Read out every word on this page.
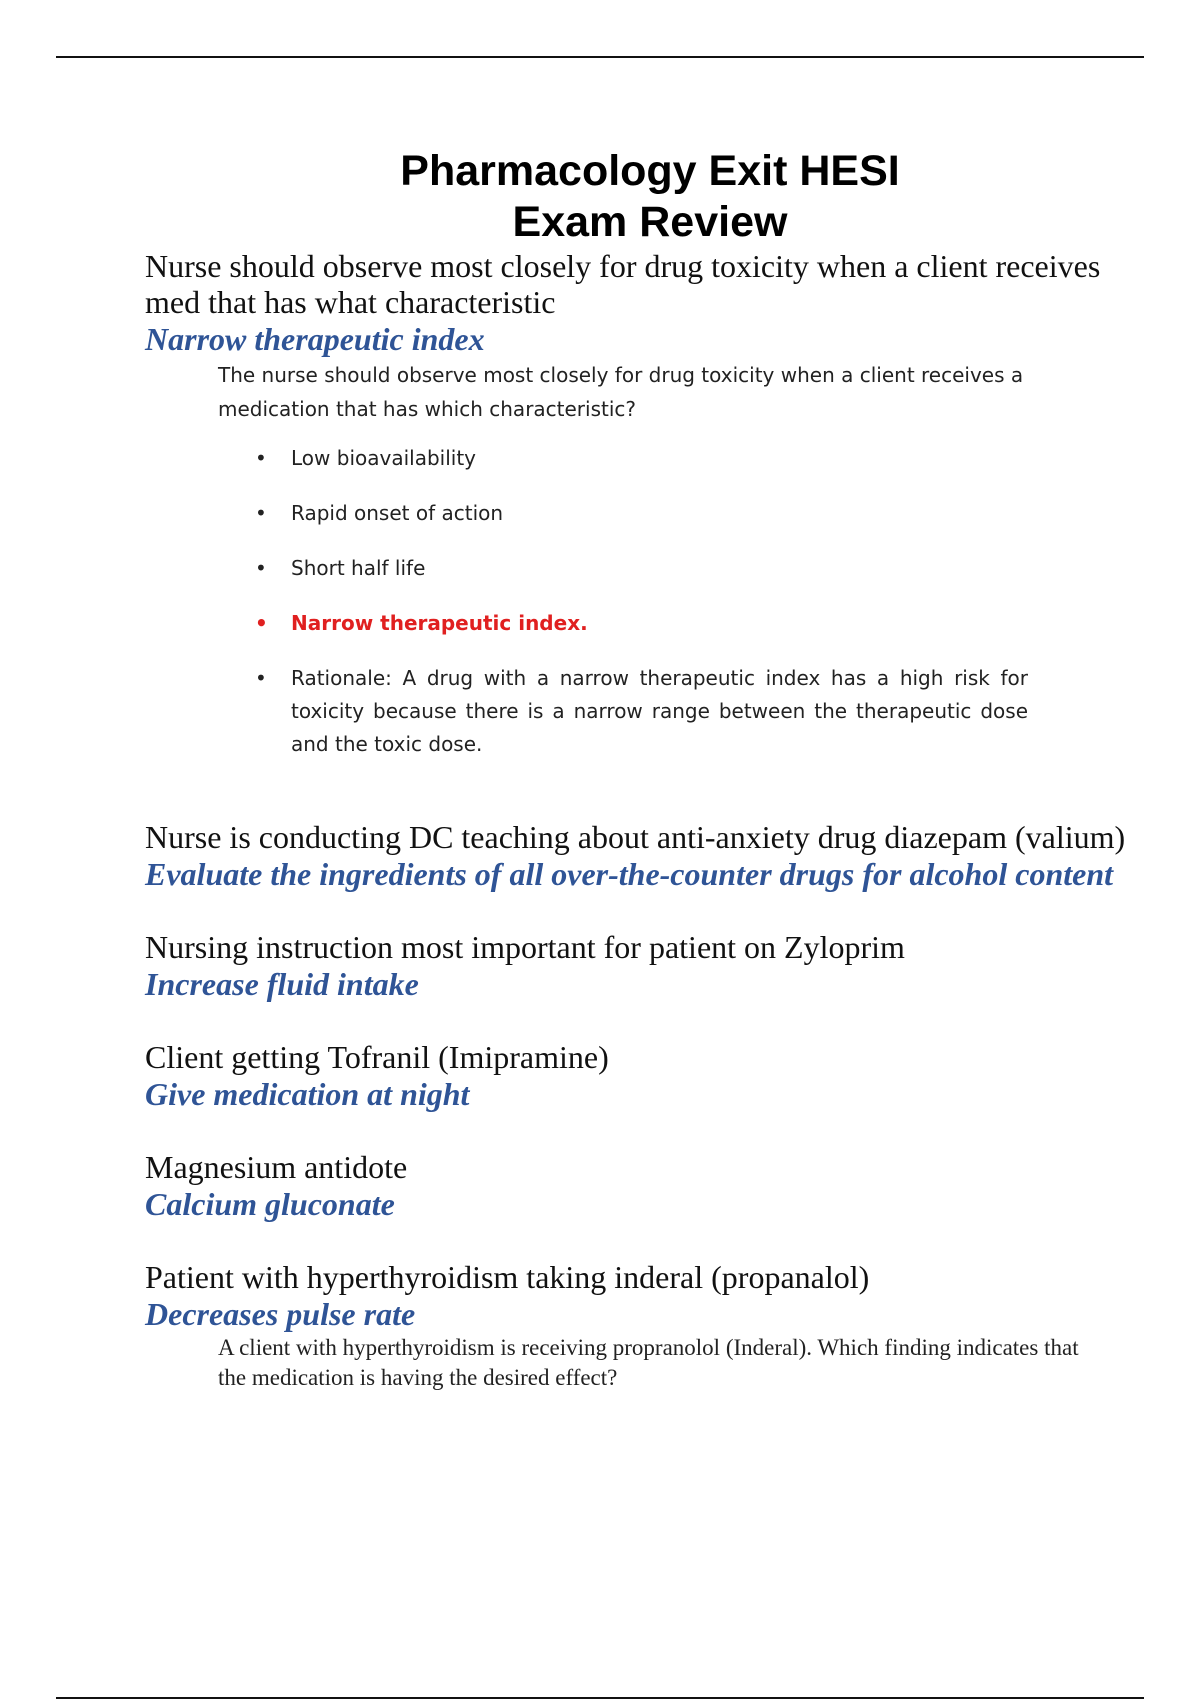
Pharmacology Exit HESI
Exam Review

Nurse should observe most closely for drug toxicity when a client receives med that has what characteristic

Narrow therapeutic index

The nurse should observe most closely for drug toxicity when a client receives a medication that has which characteristic?

• Low bioavailability
• Rapid onset of action
• Short half life
• Narrow therapeutic index.
• Rationale: A drug with a narrow therapeutic index has a high risk for toxicity because there is a narrow range between the therapeutic dose and the toxic dose.

Nurse is conducting DC teaching about anti-anxiety drug diazepam (valium)

Evaluate the ingredients of all over-the-counter drugs for alcohol content

Nursing instruction most important for patient on Zyloprim

Increase fluid intake

Client getting Tofranil (Imipramine)

Give medication at night

Magnesium antidote

Calcium gluconate

Patient with hyperthyroidism taking inderal (propanalol)

Decreases pulse rate

A client with hyperthyroidism is receiving propranolol (Inderal). Which finding indicates that the medication is having the desired effect?
